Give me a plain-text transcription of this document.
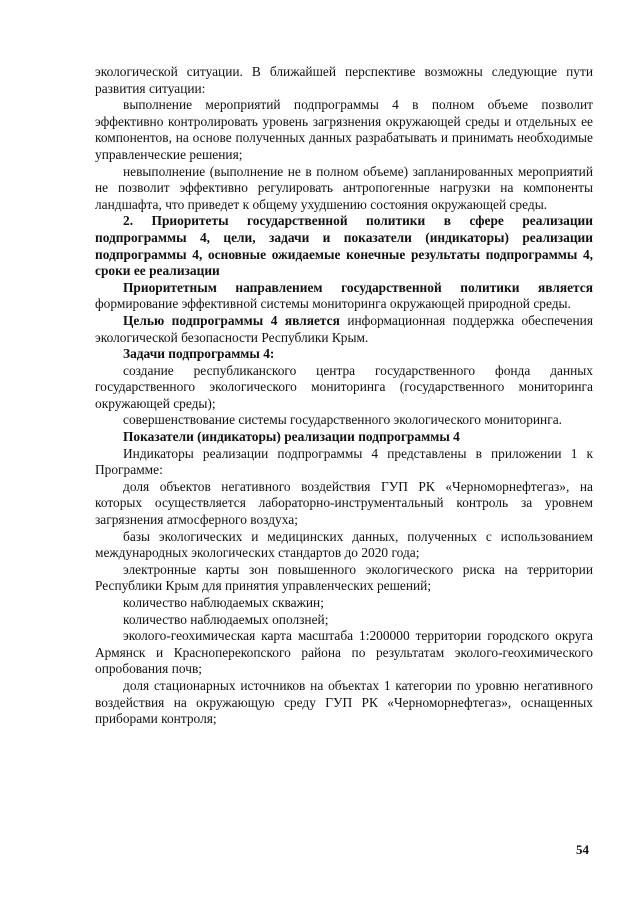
экологической ситуации. В ближайшей перспективе возможны следующие пути развития ситуации:

выполнение мероприятий подпрограммы 4 в полном объеме позволит эффективно контролировать уровень загрязнения окружающей среды и отдельных ее компонентов, на основе полученных данных разрабатывать и принимать необходимые управленческие решения;

невыполнение (выполнение не в полном объеме) запланированных мероприятий не позволит эффективно регулировать антропогенные нагрузки на компоненты ландшафта, что приведет к общему ухудшению состояния окружающей среды.

2. Приоритеты государственной политики в сфере реализации подпрограммы 4, цели, задачи и показатели (индикаторы) реализации подпрограммы 4, основные ожидаемые конечные результаты подпрограммы 4, сроки ее реализации

Приоритетным направлением государственной политики является формирование эффективной системы мониторинга окружающей природной среды.

Целью подпрограммы 4 является информационная поддержка обеспечения экологической безопасности Республики Крым.

Задачи подпрограммы 4:

создание республиканского центра государственного фонда данных государственного экологического мониторинга (государственного мониторинга окружающей среды);

совершенствование системы государственного экологического мониторинга.

Показатели (индикаторы) реализации подпрограммы 4

Индикаторы реализации подпрограммы 4 представлены в приложении 1 к Программе:

доля объектов негативного воздействия ГУП РК «Черноморнефтегаз», на которых осуществляется лабораторно-инструментальный контроль за уровнем загрязнения атмосферного воздуха;

базы экологических и медицинских данных, полученных с использованием международных экологических стандартов до 2020 года;

электронные карты зон повышенного экологического риска на территории Республики Крым для принятия управленческих решений;

количество наблюдаемых скважин;

количество наблюдаемых оползней;

эколого-геохимическая карта масштаба 1:200000 территории городского округа Армянск и Красноперекопского района по результатам эколого-геохимического опробования почв;

доля стационарных источников на объектах 1 категории по уровню негативного воздействия на окружающую среду ГУП РК «Черноморнефтегаз», оснащенных приборами контроля;

54
